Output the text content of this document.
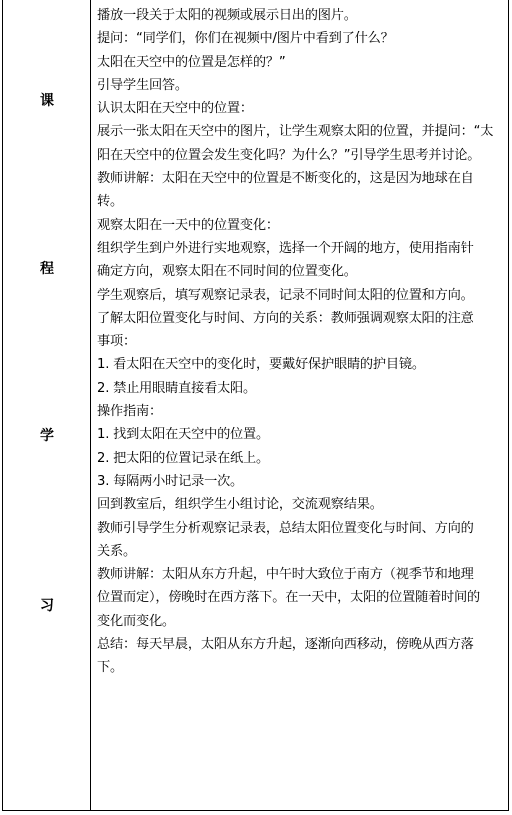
课
程
学
习
播放一段关于太阳的视频或展示日出的图片。
提问：“同学们，你们在视频中/图片中看到了什么？
太阳在天空中的位置是怎样的？”
引导学生回答。
认识太阳在天空中的位置：
展示一张太阳在天空中的图片，让学生观察太阳的位置，并提问：“太
阳在天空中的位置会发生变化吗？为什么？”引导学生思考并讨论。
教师讲解：太阳在天空中的位置是不断变化的，这是因为地球在自
转。
观察太阳在一天中的位置变化：
组织学生到户外进行实地观察，选择一个开阔的地方，使用指南针
确定方向，观察太阳在不同时间的位置变化。
学生观察后，填写观察记录表，记录不同时间太阳的位置和方向。
了解太阳位置变化与时间、方向的关系：教师强调观察太阳的注意
事项：
1. 看太阳在天空中的变化时，要戴好保护眼睛的护目镜。
2. 禁止用眼睛直接看太阳。
操作指南：
1. 找到太阳在天空中的位置。
2. 把太阳的位置记录在纸上。
3. 每隔两小时记录一次。
回到教室后，组织学生小组讨论，交流观察结果。
教师引导学生分析观察记录表，总结太阳位置变化与时间、方向的
关系。
教师讲解：太阳从东方升起，中午时大致位于南方（视季节和地理
位置而定），傍晚时在西方落下。在一天中，太阳的位置随着时间的
变化而变化。
总结：每天早晨，太阳从东方升起，逐渐向西移动，傍晚从西方落
下。
